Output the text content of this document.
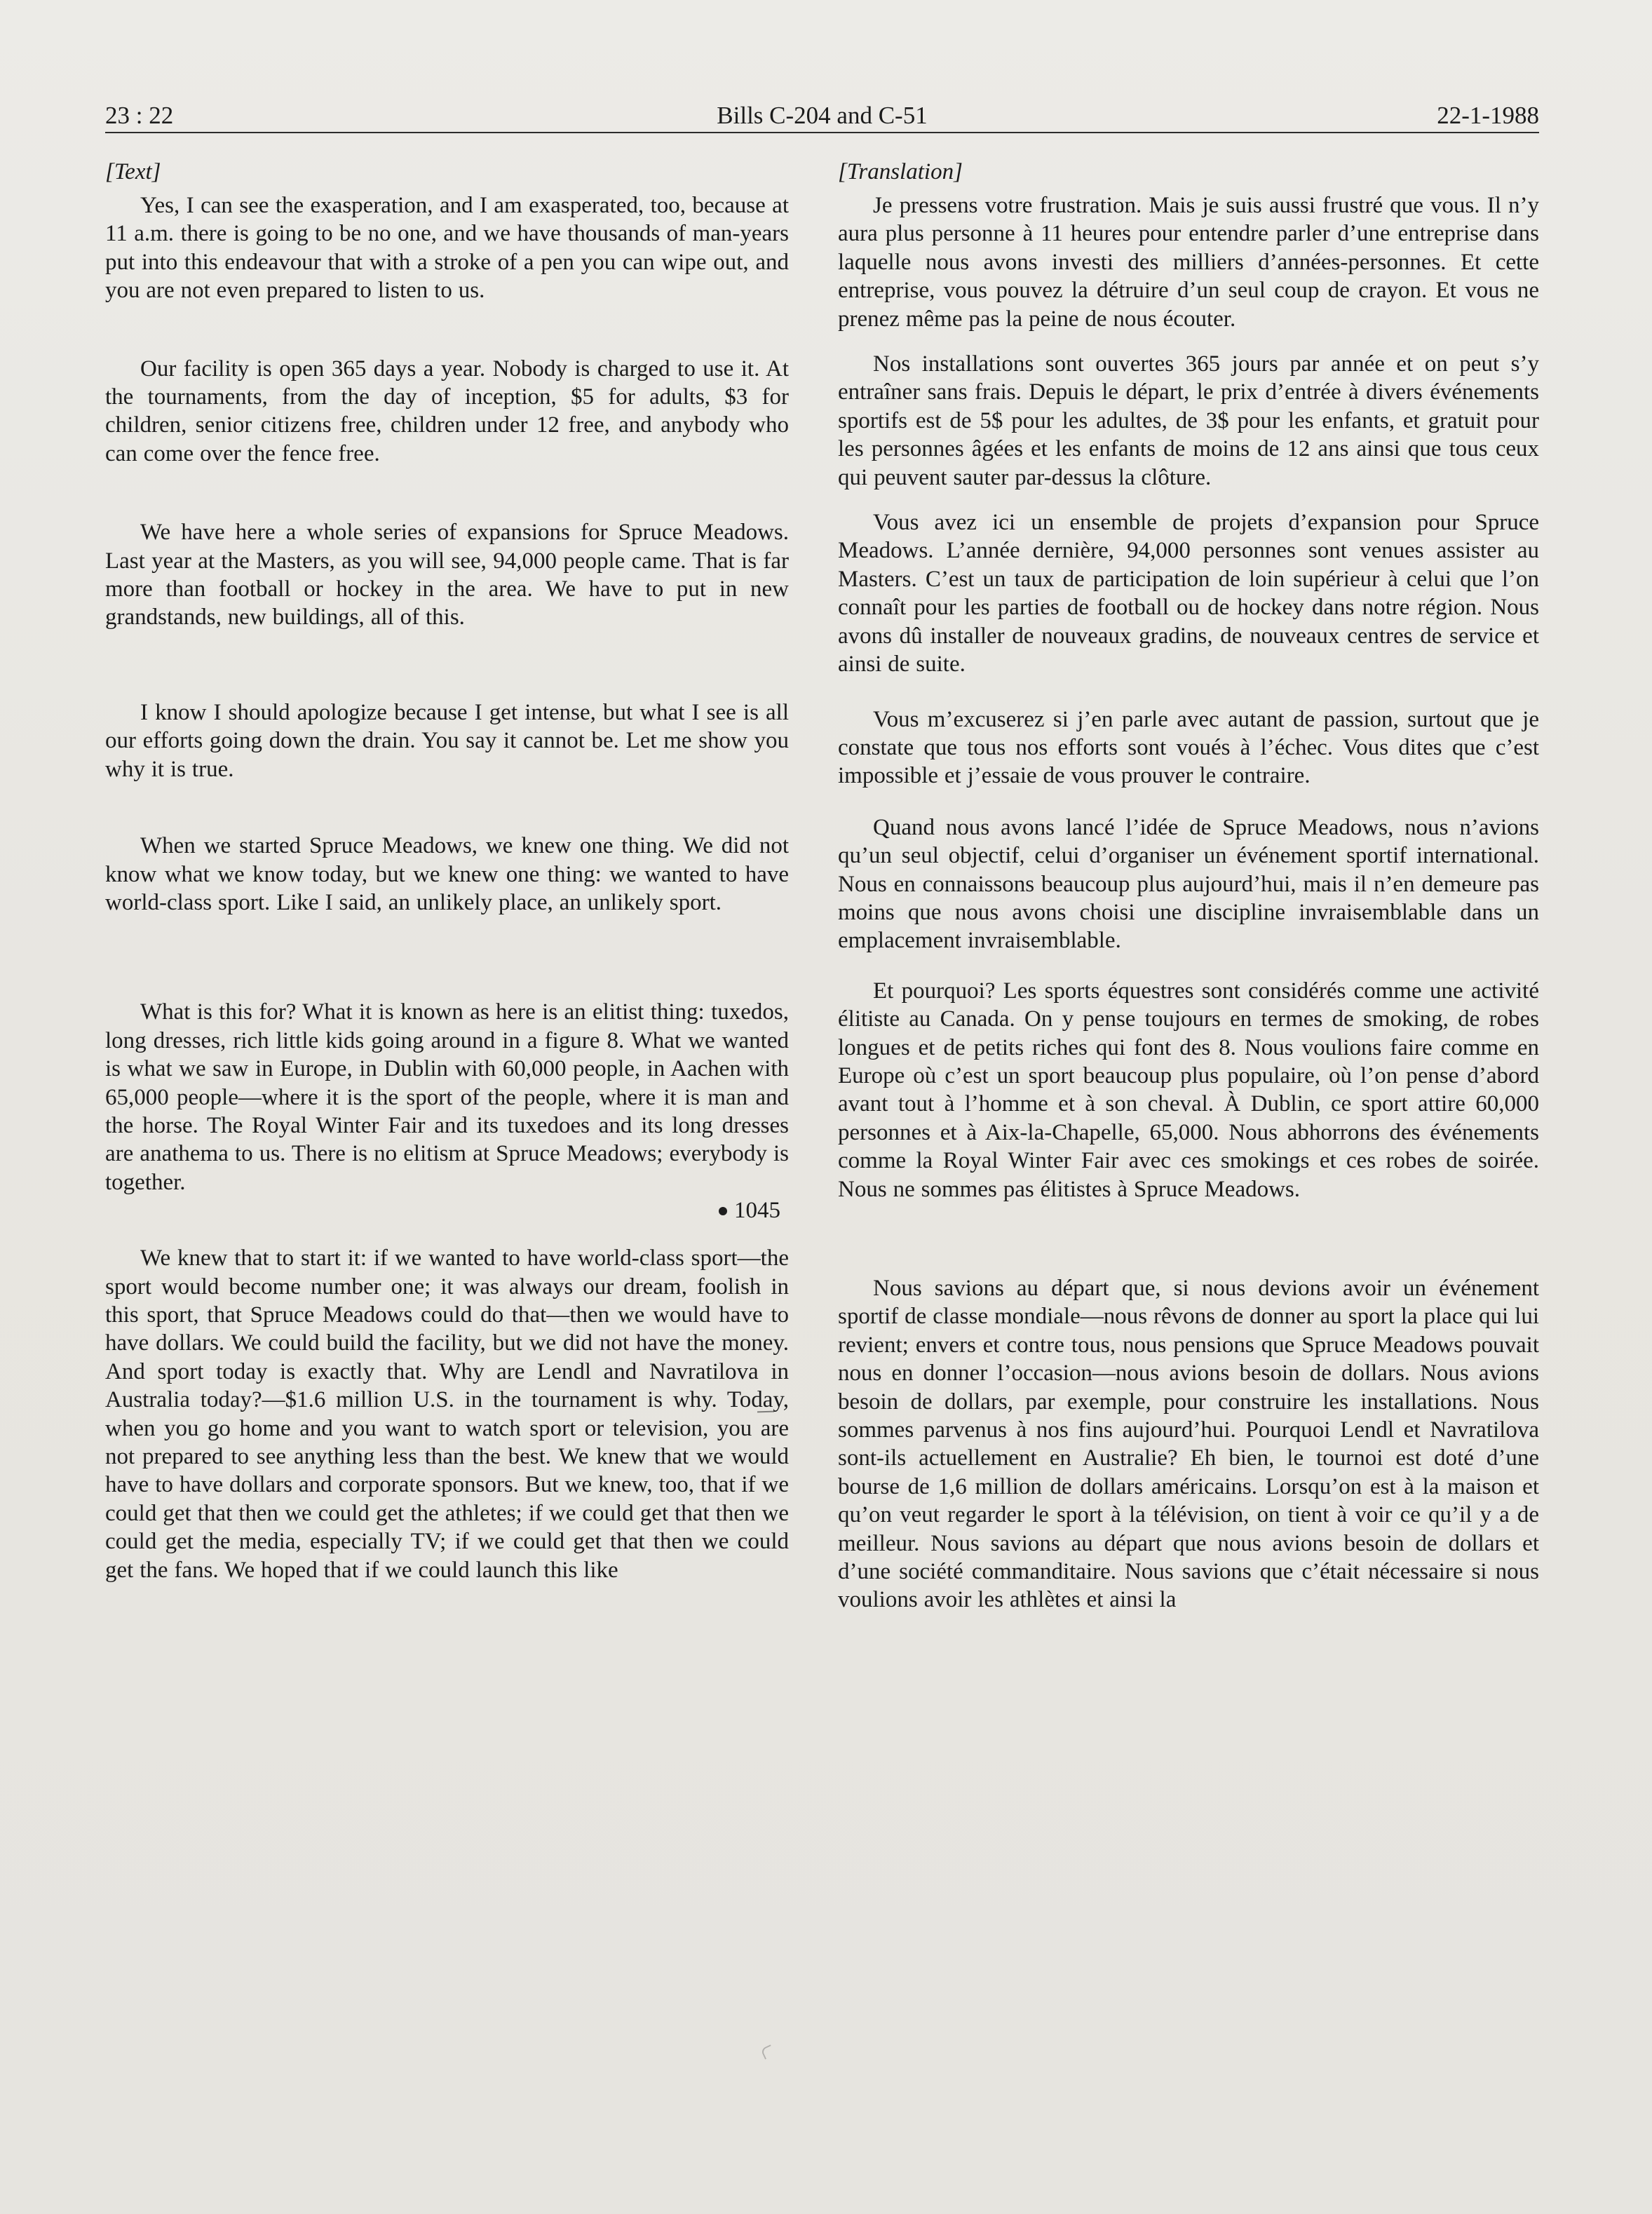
23 : 22	Bills C-204 and C-51	22-1-1988
[Text]

Yes, I can see the exasperation, and I am exasperated, too, because at 11 a.m. there is going to be no one, and we have thousands of man-years put into this endeavour that with a stroke of a pen you can wipe out, and you are not even prepared to listen to us.

Our facility is open 365 days a year. Nobody is charged to use it. At the tournaments, from the day of inception, $5 for adults, $3 for children, senior citizens free, children under 12 free, and anybody who can come over the fence free.

We have here a whole series of expansions for Spruce Meadows. Last year at the Masters, as you will see, 94,000 people came. That is far more than football or hockey in the area. We have to put in new grandstands, new buildings, all of this.

I know I should apologize because I get intense, but what I see is all our efforts going down the drain. You say it cannot be. Let me show you why it is true.

When we started Spruce Meadows, we knew one thing. We did not know what we know today, but we knew one thing: we wanted to have world-class sport. Like I said, an unlikely place, an unlikely sport.

What is this for? What it is known as here is an elitist thing: tuxedos, long dresses, rich little kids going around in a figure 8. What we wanted is what we saw in Europe, in Dublin with 60,000 people, in Aachen with 65,000 people—where it is the sport of the people, where it is man and the horse. The Royal Winter Fair and its tuxedoes and its long dresses are anathema to us. There is no elitism at Spruce Meadows; everybody is together.

1045

We knew that to start it: if we wanted to have world-class sport—the sport would become number one; it was always our dream, foolish in this sport, that Spruce Meadows could do that—then we would have to have dollars. We could build the facility, but we did not have the money. And sport today is exactly that. Why are Lendl and Navratilova in Australia today?—$1.6 million U.S. in the tournament is why. Today, when you go home and you want to watch sport or television, you are not prepared to see anything less than the best. We knew that we would have to have dollars and corporate sponsors. But we knew, too, that if we could get that then we could get the athletes; if we could get that then we could get the media, especially TV; if we could get that then we could get the fans. We hoped that if we could launch this like

[Translation]

Je pressens votre frustration. Mais je suis aussi frustré que vous. Il n’y aura plus personne à 11 heures pour entendre parler d’une entreprise dans laquelle nous avons investi des milliers d’années-personnes. Et cette entreprise, vous pouvez la détruire d’un seul coup de crayon. Et vous ne prenez même pas la peine de nous écouter.

Nos installations sont ouvertes 365 jours par année et on peut s’y entraîner sans frais. Depuis le départ, le prix d’entrée à divers événements sportifs est de 5$ pour les adultes, de 3$ pour les enfants, et gratuit pour les personnes âgées et les enfants de moins de 12 ans ainsi que tous ceux qui peuvent sauter par-dessus la clôture.

Vous avez ici un ensemble de projets d’expansion pour Spruce Meadows. L’année dernière, 94,000 personnes sont venues assister au Masters. C’est un taux de participation de loin supérieur à celui que l’on connaît pour les parties de football ou de hockey dans notre région. Nous avons dû installer de nouveaux gradins, de nouveaux centres de service et ainsi de suite.

Vous m’excuserez si j’en parle avec autant de passion, surtout que je constate que tous nos efforts sont voués à l’échec. Vous dites que c’est impossible et j’essaie de vous prouver le contraire.

Quand nous avons lancé l’idée de Spruce Meadows, nous n’avions qu’un seul objectif, celui d’organiser un événement sportif international. Nous en connaissons beaucoup plus aujourd’hui, mais il n’en demeure pas moins que nous avons choisi une discipline invraisemblable dans un emplacement invraisemblable.

Et pourquoi? Les sports équestres sont considérés comme une activité élitiste au Canada. On y pense toujours en termes de smoking, de robes longues et de petits riches qui font des 8. Nous voulions faire comme en Europe où c’est un sport beaucoup plus populaire, où l’on pense d’abord avant tout à l’homme et à son cheval. À Dublin, ce sport attire 60,000 personnes et à Aix-la-Chapelle, 65,000. Nous abhorrons des événements comme la Royal Winter Fair avec ces smokings et ces robes de soirée. Nous ne sommes pas élitistes à Spruce Meadows.

Nous savions au départ que, si nous devions avoir un événement sportif de classe mondiale—nous rêvons de donner au sport la place qui lui revient; envers et contre tous, nous pensions que Spruce Meadows pouvait nous en donner l’occasion—nous avions besoin de dollars. Nous avions besoin de dollars, par exemple, pour construire les installations. Nous sommes parvenus à nos fins aujourd’hui. Pourquoi Lendl et Navratilova sont-ils actuellement en Australie? Eh bien, le tournoi est doté d’une bourse de 1,6 million de dollars américains. Lorsqu’on est à la maison et qu’on veut regarder le sport à la télévision, on tient à voir ce qu’il y a de meilleur. Nous savions au départ que nous avions besoin de dollars et d’une société commanditaire. Nous savions que c’était nécessaire si nous voulions avoir les athlètes et ainsi la
